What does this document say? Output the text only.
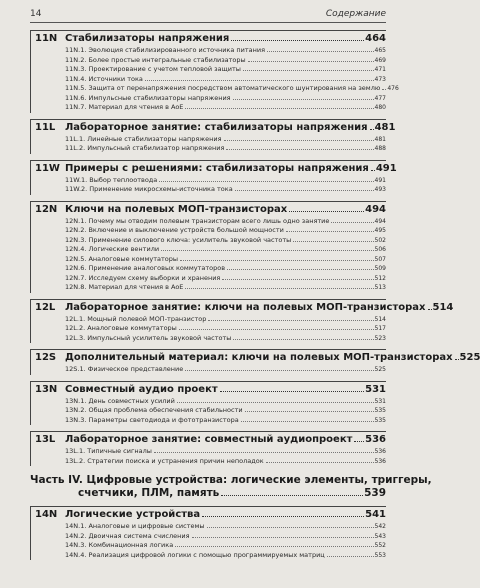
14	Содержание
11N Стабилизаторы напряжения	464
11N.1. Эволюция стабилизированного источника питания	465
11N.2. Более простые интегральные стабилизаторы	469
11N.3. Проектирование с учетом тепловой защиты	471
11N.4. Источники тока	473
11N.5. Защита от перенапряжения посредством автоматического шунтирования на землю 476
11N.6. Импульсные стабилизаторы напряжения	477
11N.7. Материал для чтения в AoE	480
11L Лабораторное занятие: стабилизаторы напряжения 481
11L.1. Линейные стабилизаторы напряжения	481
11L.2. Импульсный стабилизатор напряжения	488
11W Примеры с решениями: стабилизаторы напряжения 491
11W.1. Выбор теплоотвода	491
11W.2. Применение микросхемы-источника тока	493
12N Ключи на полевых МОП-транзисторах	494
12N.1. Почему мы отводим полевым транзисторам всего лишь одно занятие	494
12N.2. Включение и выключение устройств большой мощности	495
12N.3. Применение силового ключа: усилитель звуковой частоты	502
12N.4. Логические вентили	506
12N.5. Аналоговые коммутаторы	507
12N.6. Применение аналоговых коммутаторов	509
12N.7. Исследуем схему выборки и хранения	512
12N.8. Материал для чтения в AoE	513
12L Лабораторное занятие: ключи на полевых МОП-транзисторах 514
12L.1. Мощный полевой МОП-транзистор	514
12L.2. Аналоговые коммутаторы	517
12L.3. Импульсный усилитель звуковой частоты	523
12S Дополнительный материал: ключи на полевых МОП-транзисторах 525
12S.1. Физическое представление	525
13N Совместный аудио проект	531
13N.1. День совместных усилий	531
13N.2. Общая проблема обеспечения стабильности	535
13N.3. Параметры светодиода и фототранзистора	535
13L Лабораторное занятие: совместный аудиопроект 536
13L.1. Типичные сигналы	536
13L.2. Стратегии поиска и устранения причин неполадок	536
Часть IV. Цифровые устройства: логические элементы, триггеры,
счетчики, ПЛМ, память	539
14N Логические устройства	541
14N.1. Аналоговые и цифровые системы	542
14N.2. Двоичная система счисления	543
14N.3. Комбинационная логика	552
14N.4. Реализация цифровой логики с помощью программируемых матриц	553
